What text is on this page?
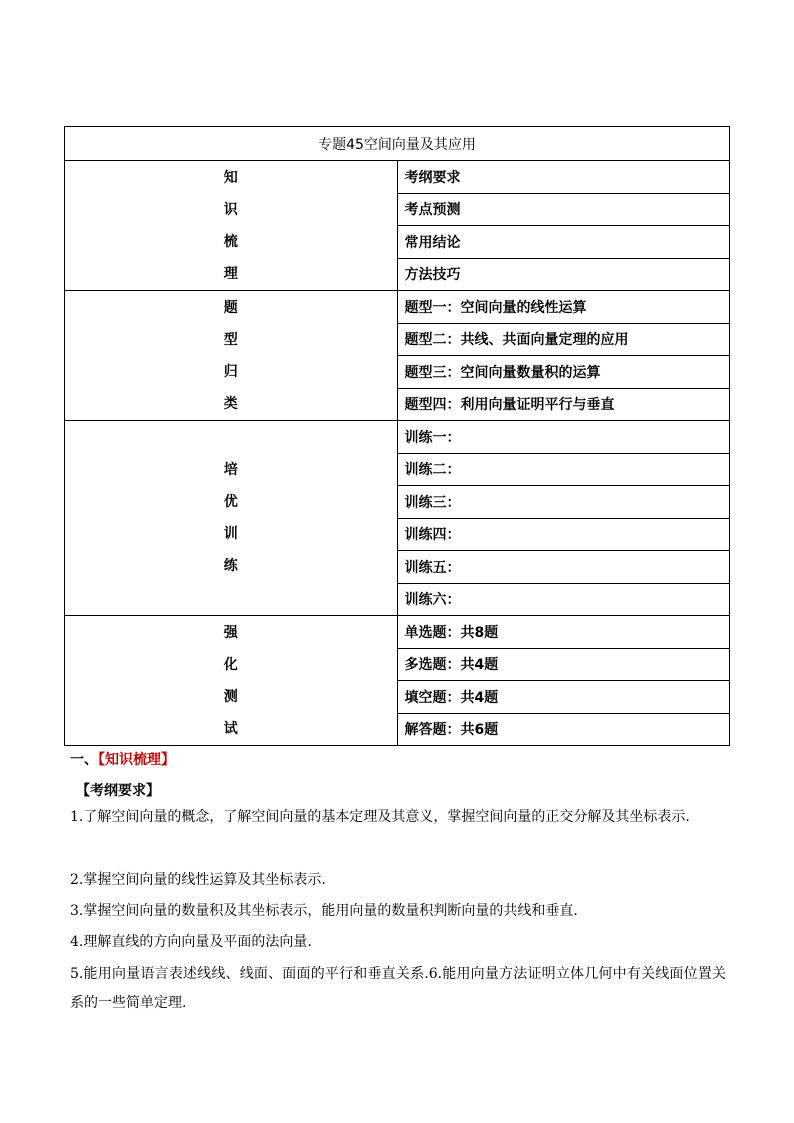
专题45空间向量及其应用	

知
识
梳
理	考纲要求
	考点预测
	常用结论
	方法技巧

题
型
归
类	题型一：空间向量的线性运算
	题型二：共线、共面向量定理的应用
	题型三：空间向量数量积的运算
	题型四：利用向量证明平行与垂直

培
优
训
练	训练一：
	训练二：
	训练三：
	训练四：
	训练五：
	训练六：

强
化
测
试	单选题：共8题
	多选题：共4题
	填空题：共4题
	解答题：共6题
一、【知识梳理】
【考纲要求】
1.了解空间向量的概念，了解空间向量的基本定理及其意义，掌握空间向量的正交分解及其坐标表示.
2.掌握空间向量的线性运算及其坐标表示.
3.掌握空间向量的数量积及其坐标表示，能用向量的数量积判断向量的共线和垂直.
4.理解直线的方向向量及平面的法向量.
5.能用向量语言表述线线、线面、面面的平行和垂直关系.6.能用向量方法证明立体几何中有关线面位置关系的一些简单定理.
